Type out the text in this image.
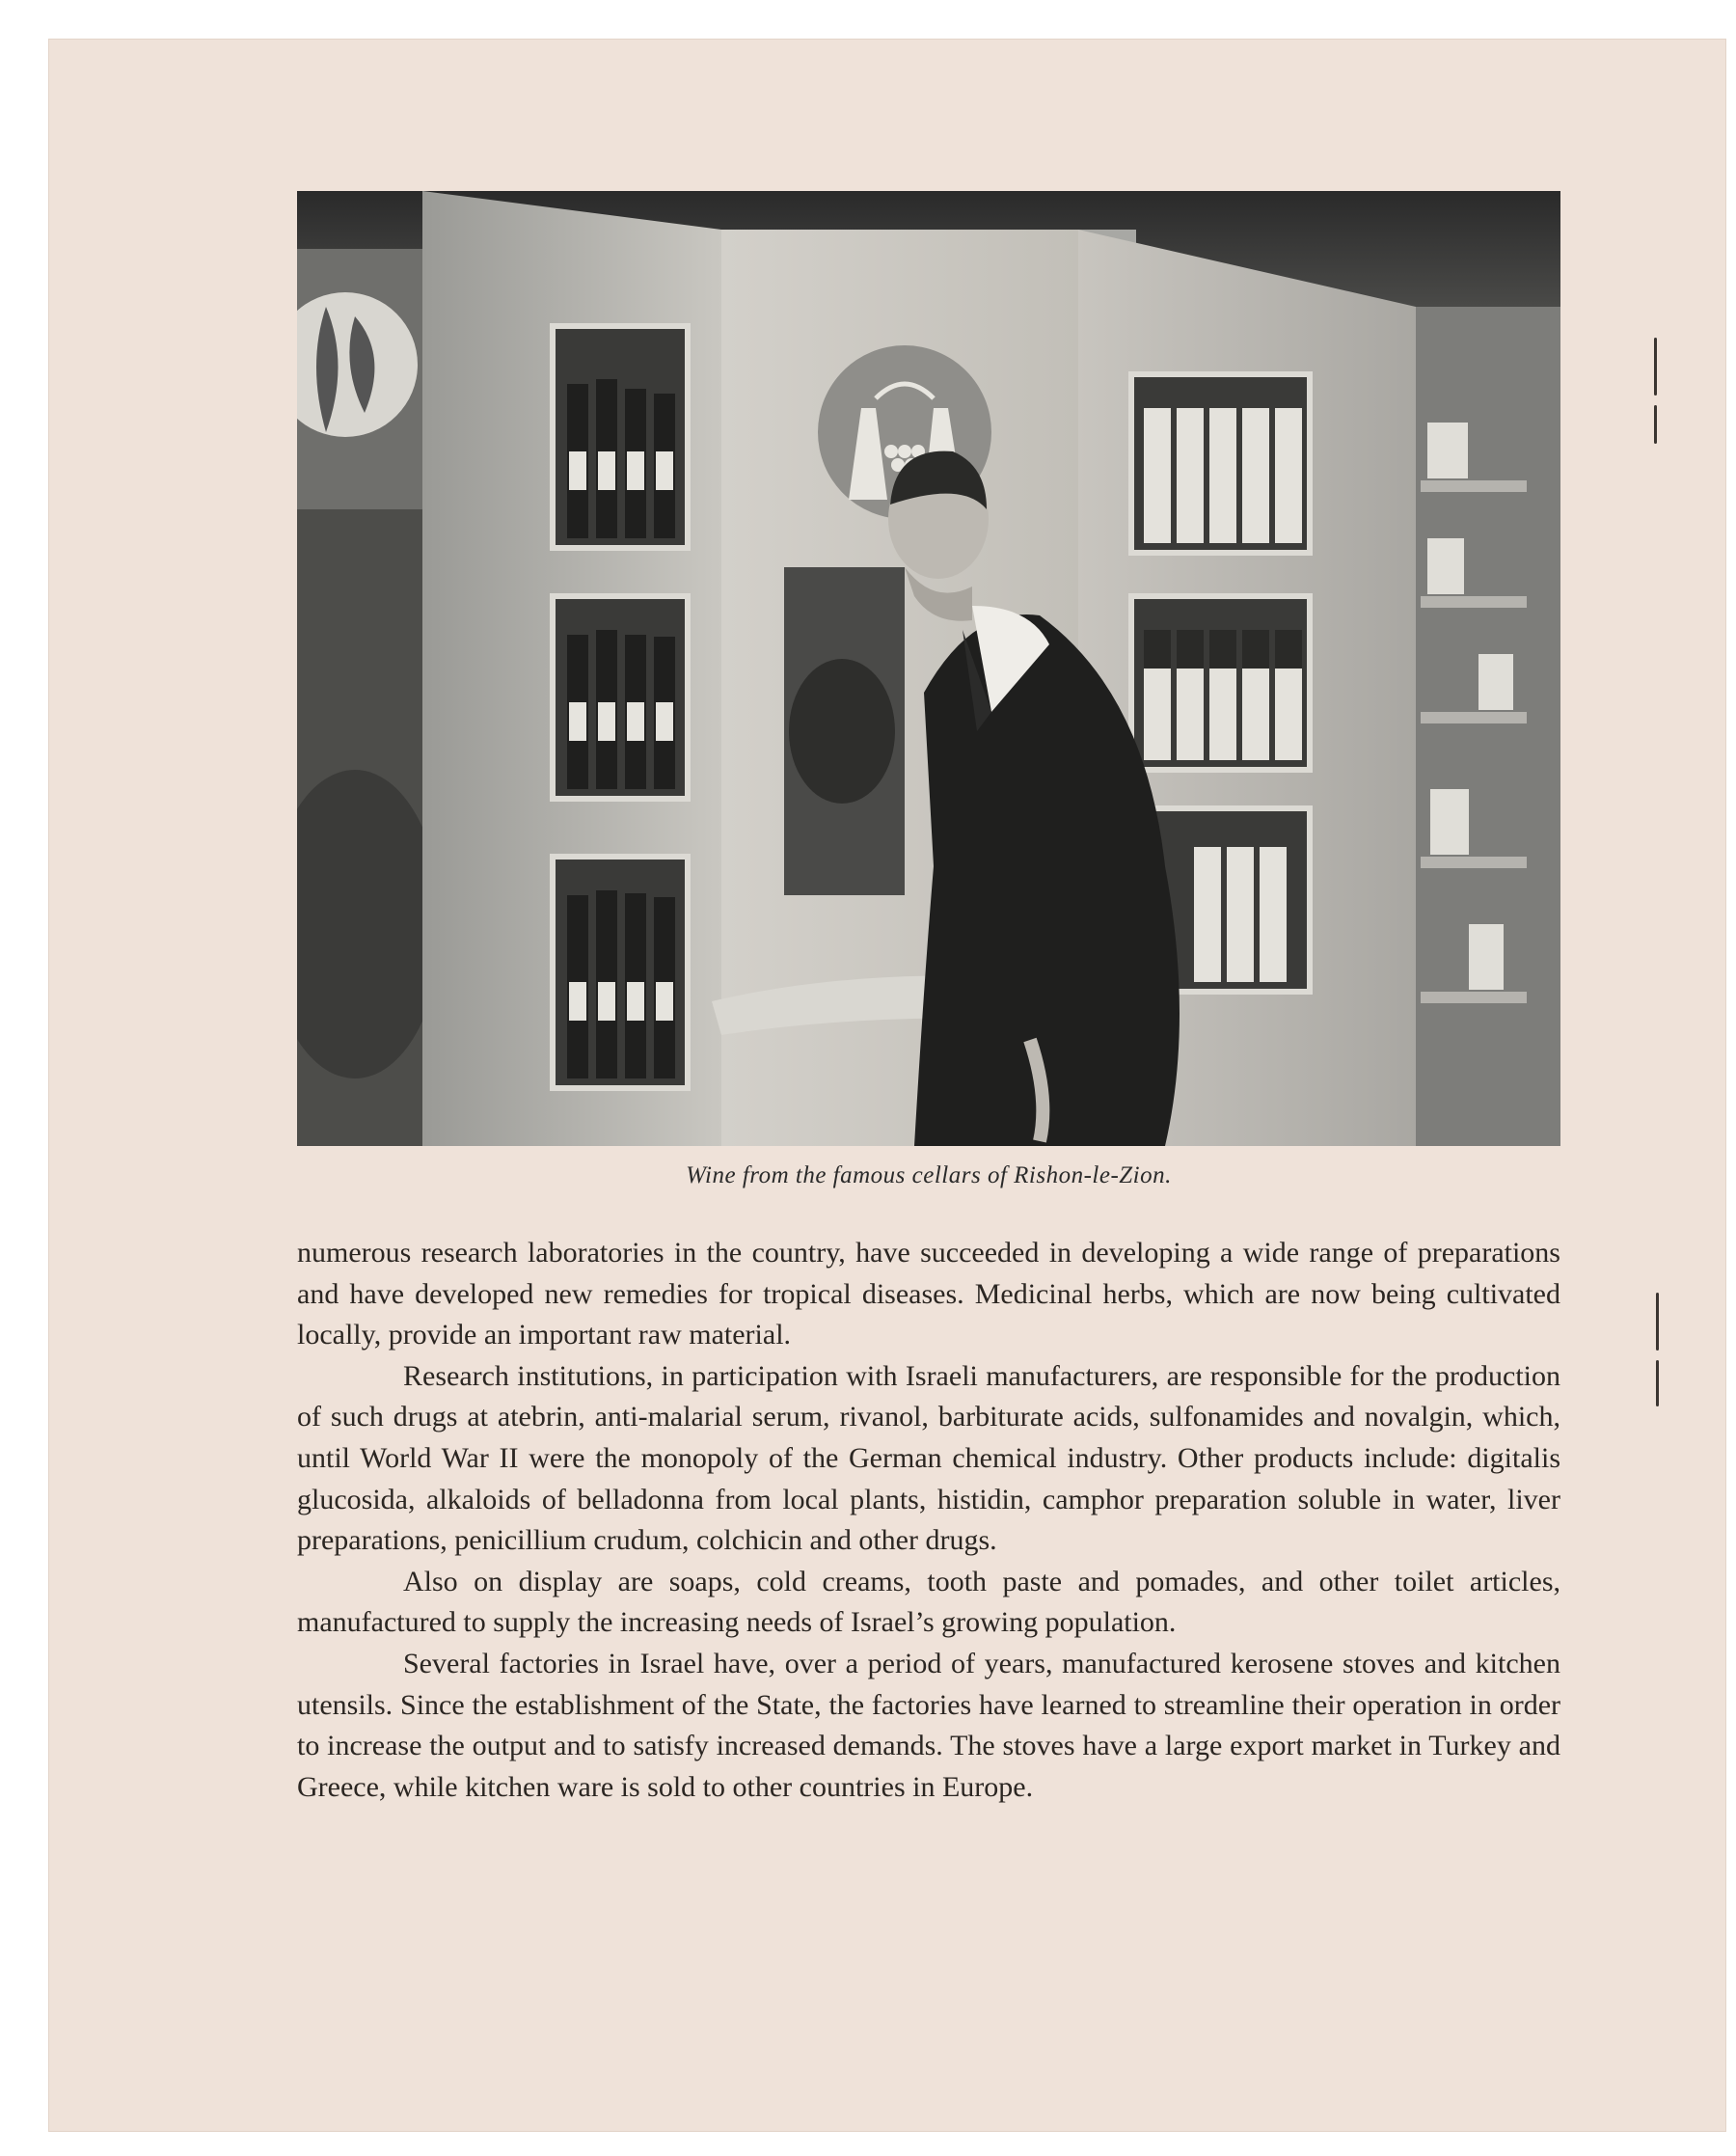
Wine from the famous cellars of Rishon-le-Zion.

numerous research laboratories in the country, have succeeded in developing a wide range of preparations and have developed new remedies for tropical diseases. Medicinal herbs, which are now being cultivated locally, provide an important raw material.

Research institutions, in participation with Israeli manufacturers, are responsible for the production of such drugs at atebrin, anti-malarial serum, rivanol, barbiturate acids, sulfonamides and novalgin, which, until World War II were the monopoly of the German chemical industry. Other products include: digitalis glucosida, alkaloids of belladonna from local plants, histidin, camphor preparation soluble in water, liver preparations, penicillium crudum, colchicin and other drugs.

Also on display are soaps, cold creams, tooth paste and pomades, and other toilet articles, manufactured to supply the increasing needs of Israel’s growing population.

Several factories in Israel have, over a period of years, manufactured kerosene stoves and kitchen utensils. Since the establishment of the State, the factories have learned to streamline their operation in order to increase the output and to satisfy increased demands. The stoves have a large export market in Turkey and Greece, while kitchen ware is sold to other countries in Europe.
